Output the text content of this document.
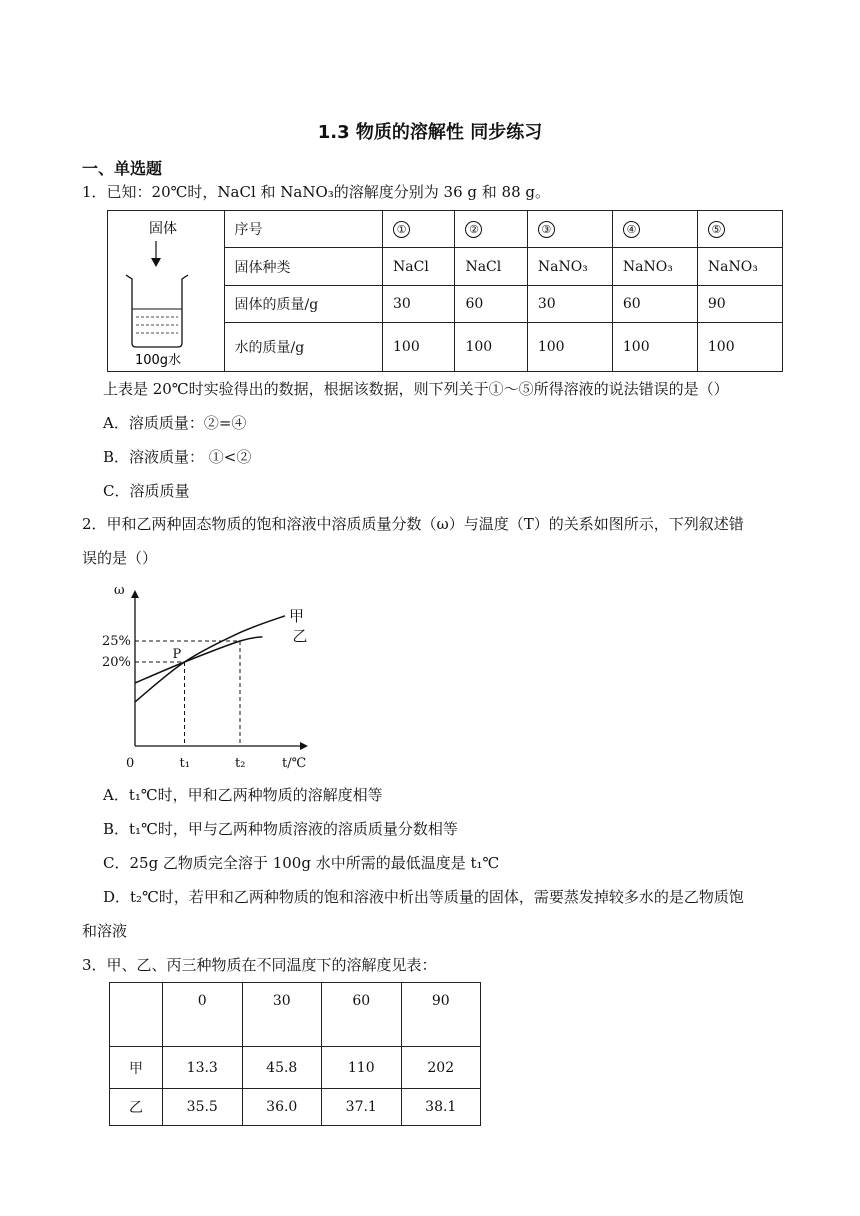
1.3 物质的溶解性 同步练习
一、单选题
1．已知：20℃时，NaCl 和 NaNO₃的溶解度分别为 36 g 和 88 g。
固体
100g水	序号	①	②	③	④	⑤
	固体种类	NaCl	NaCl	NaNO₃	NaNO₃	NaNO₃
	固体的质量/g	30	60	30	60	90
	水的质量/g	100	100	100	100	100
上表是 20℃时实验得出的数据，根据该数据，则下列关于①～⑤所得溶液的说法错误的是（）
A．溶质质量：②=④
B．溶液质量： ①<②
C．溶质质量
2．甲和乙两种固态物质的饱和溶液中溶质质量分数（ω）与温度（T）的关系如图所示，下列叙述错
误的是（）
ω
25%
20%
0	t₁	t₂	t/℃
P
甲
乙
A．t₁℃时，甲和乙两种物质的溶解度相等
B．t₁℃时，甲与乙两种物质溶液的溶质质量分数相等
C．25g 乙物质完全溶于 100g 水中所需的最低温度是 t₁℃
D．t₂℃时，若甲和乙两种物质的饱和溶液中析出等质量的固体，需要蒸发掉较多水的是乙物质饱
和溶液
3．甲、乙、丙三种物质在不同温度下的溶解度见表：
	0	30	60	90
甲	13.3	45.8	110	202
乙	35.5	36.0	37.1	38.1
